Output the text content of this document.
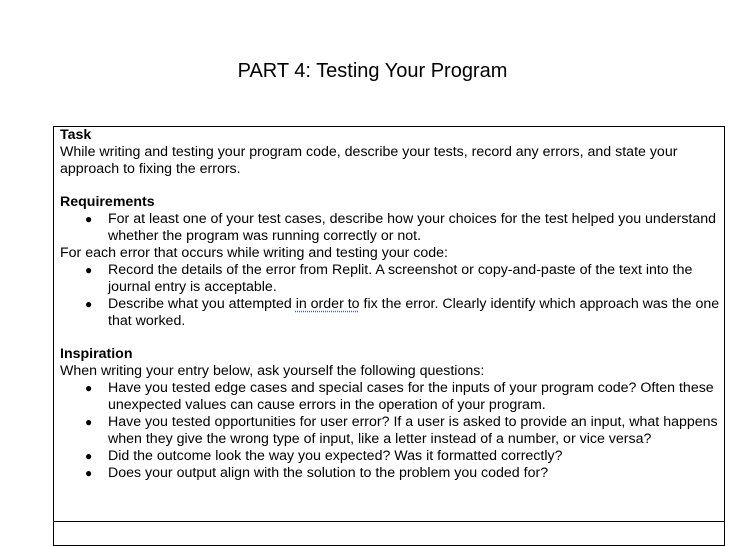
PART 4: Testing Your Program

Task

While writing and testing your program code, describe your tests, record any errors, and state your approach to fixing the errors.

Requirements

● For at least one of your test cases, describe how your choices for the test helped you understand whether the program was running correctly or not.

For each error that occurs while writing and testing your code:

● Record the details of the error from Replit. A screenshot or copy-and-paste of the text into the journal entry is acceptable.
● Describe what you attempted in order to fix the error. Clearly identify which approach was the one that worked.

Inspiration

When writing your entry below, ask yourself the following questions:

● Have you tested edge cases and special cases for the inputs of your program code? Often these unexpected values can cause errors in the operation of your program.
● Have you tested opportunities for user error? If a user is asked to provide an input, what happens when they give the wrong type of input, like a letter instead of a number, or vice versa?
● Did the outcome look the way you expected? Was it formatted correctly?
● Does your output align with the solution to the problem you coded for?
